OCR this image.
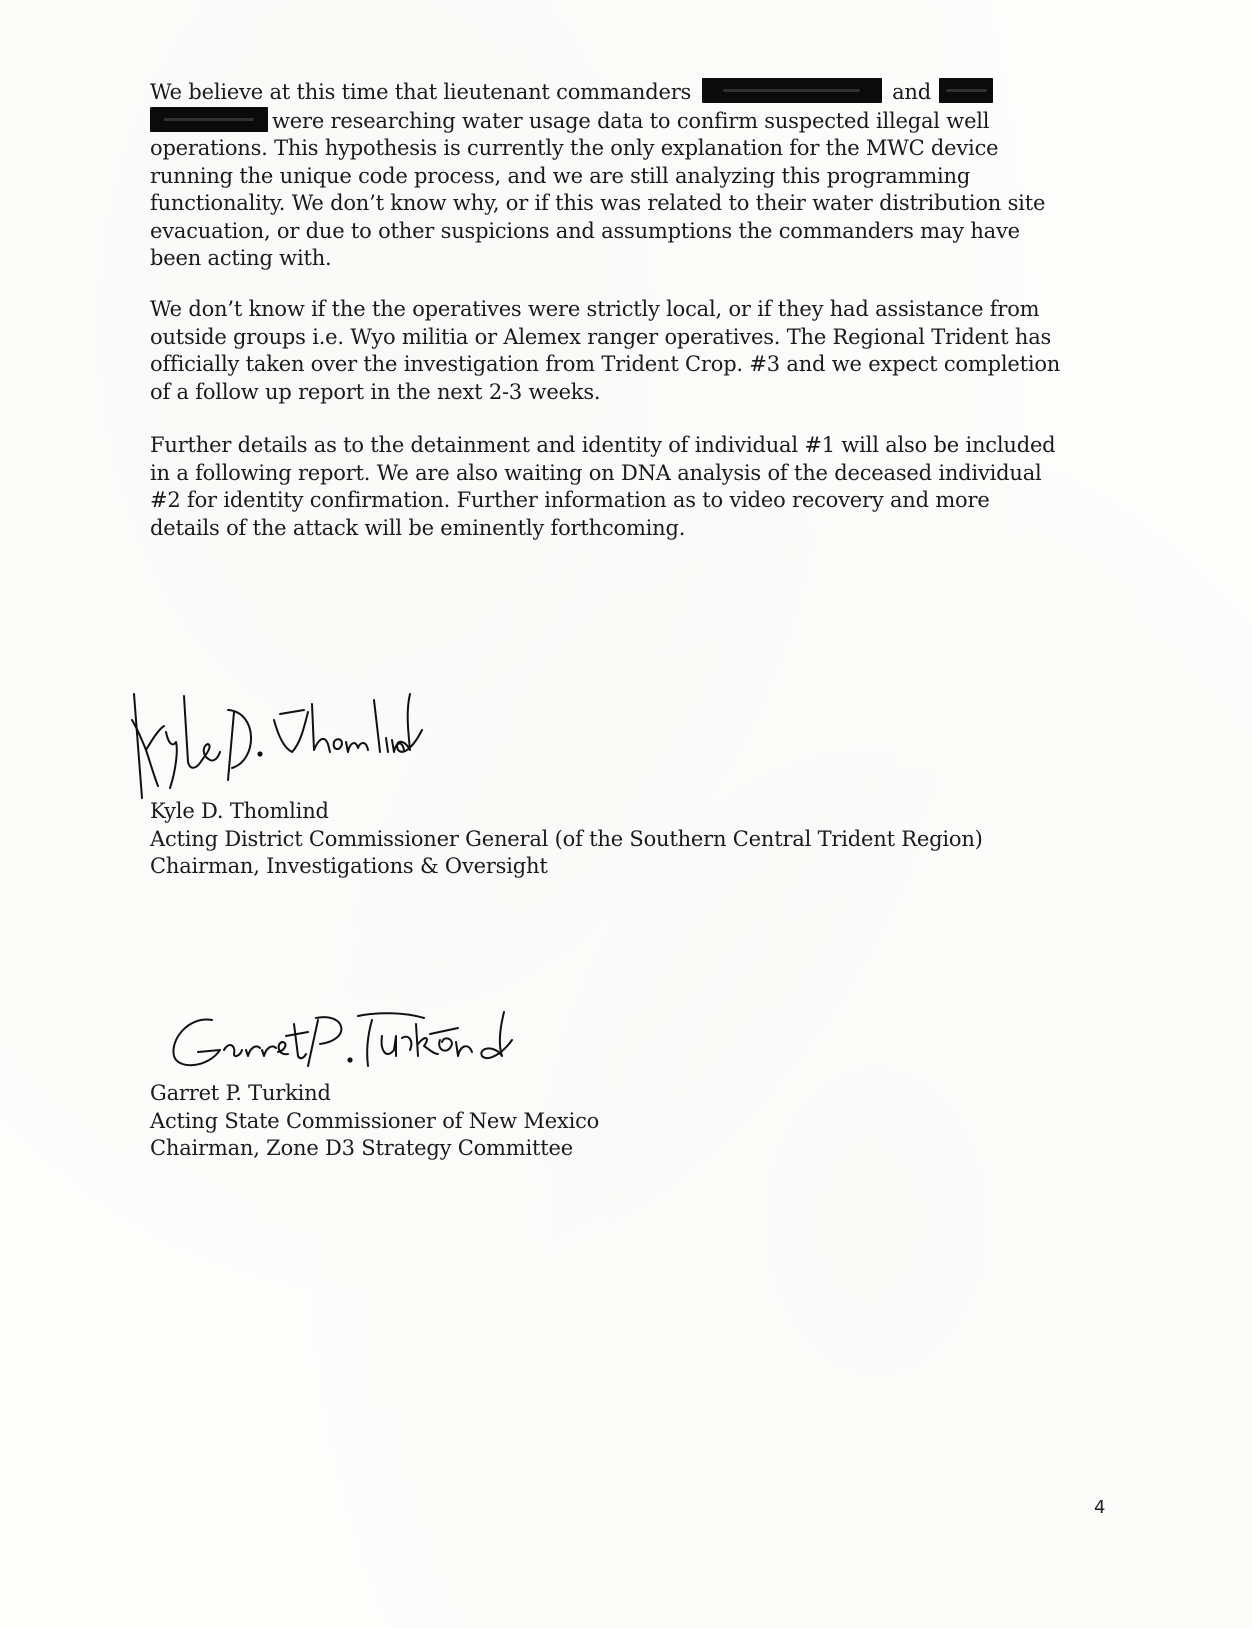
We believe at this time that lieutenant commanders	and
were researching water usage data to confirm suspected illegal well
operations. This hypothesis is currently the only explanation for the MWC device
running the unique code process, and we are still analyzing this programming
functionality. We don’t know why, or if this was related to their water distribution site
evacuation, or due to other suspicions and assumptions the commanders may have
been acting with.
We don’t know if the the operatives were strictly local, or if they had assistance from
outside groups i.e. Wyo militia or Alemex ranger operatives. The Regional Trident has
officially taken over the investigation from Trident Crop. #3 and we expect completion
of a follow up report in the next 2-3 weeks.
Further details as to the detainment and identity of individual #1 will also be included
in a following report. We are also waiting on DNA analysis of the deceased individual
#2 for identity confirmation. Further information as to video recovery and more
details of the attack will be eminently forthcoming.
Kyle D. Thomlind
Acting District Commissioner General (of the Southern Central Trident Region)
Chairman, Investigations & Oversight
Garret P. Turkind
Acting State Commissioner of New Mexico
Chairman, Zone D3 Strategy Committee
4
